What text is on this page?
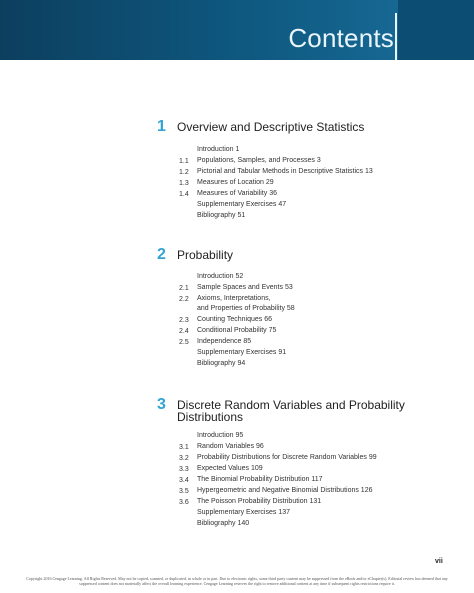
Contents
1 Overview and Descriptive Statistics
Introduction 1
1.1 Populations, Samples, and Processes 3
1.2 Pictorial and Tabular Methods in Descriptive Statistics 13
1.3 Measures of Location 29
1.4 Measures of Variability 36
Supplementary Exercises 47
Bibliography 51
2 Probability
Introduction 52
2.1 Sample Spaces and Events 53
2.2 Axioms, Interpretations,
and Properties of Probability 58
2.3 Counting Techniques 66
2.4 Conditional Probability 75
2.5 Independence 85
Supplementary Exercises 91
Bibliography 94
3 Discrete Random Variables and Probability
Distributions
Introduction 95
3.1 Random Variables 96
3.2 Probability Distributions for Discrete Random Variables 99
3.3 Expected Values 109
3.4 The Binomial Probability Distribution 117
3.5 Hypergeometric and Negative Binomial Distributions 126
3.6 The Poisson Probability Distribution 131
Supplementary Exercises 137
Bibliography 140
vii
Copyright 2016 Cengage Learning. All Rights Reserved. May not be copied, scanned, or duplicated, in whole or in part. Due to electronic rights, some third party content may be suppressed from the eBook and/or eChapter(s). Editorial review has deemed that any suppressed content does not materially affect the overall learning experience. Cengage Learning reserves the right to remove additional content at any time if subsequent rights restrictions require it.
